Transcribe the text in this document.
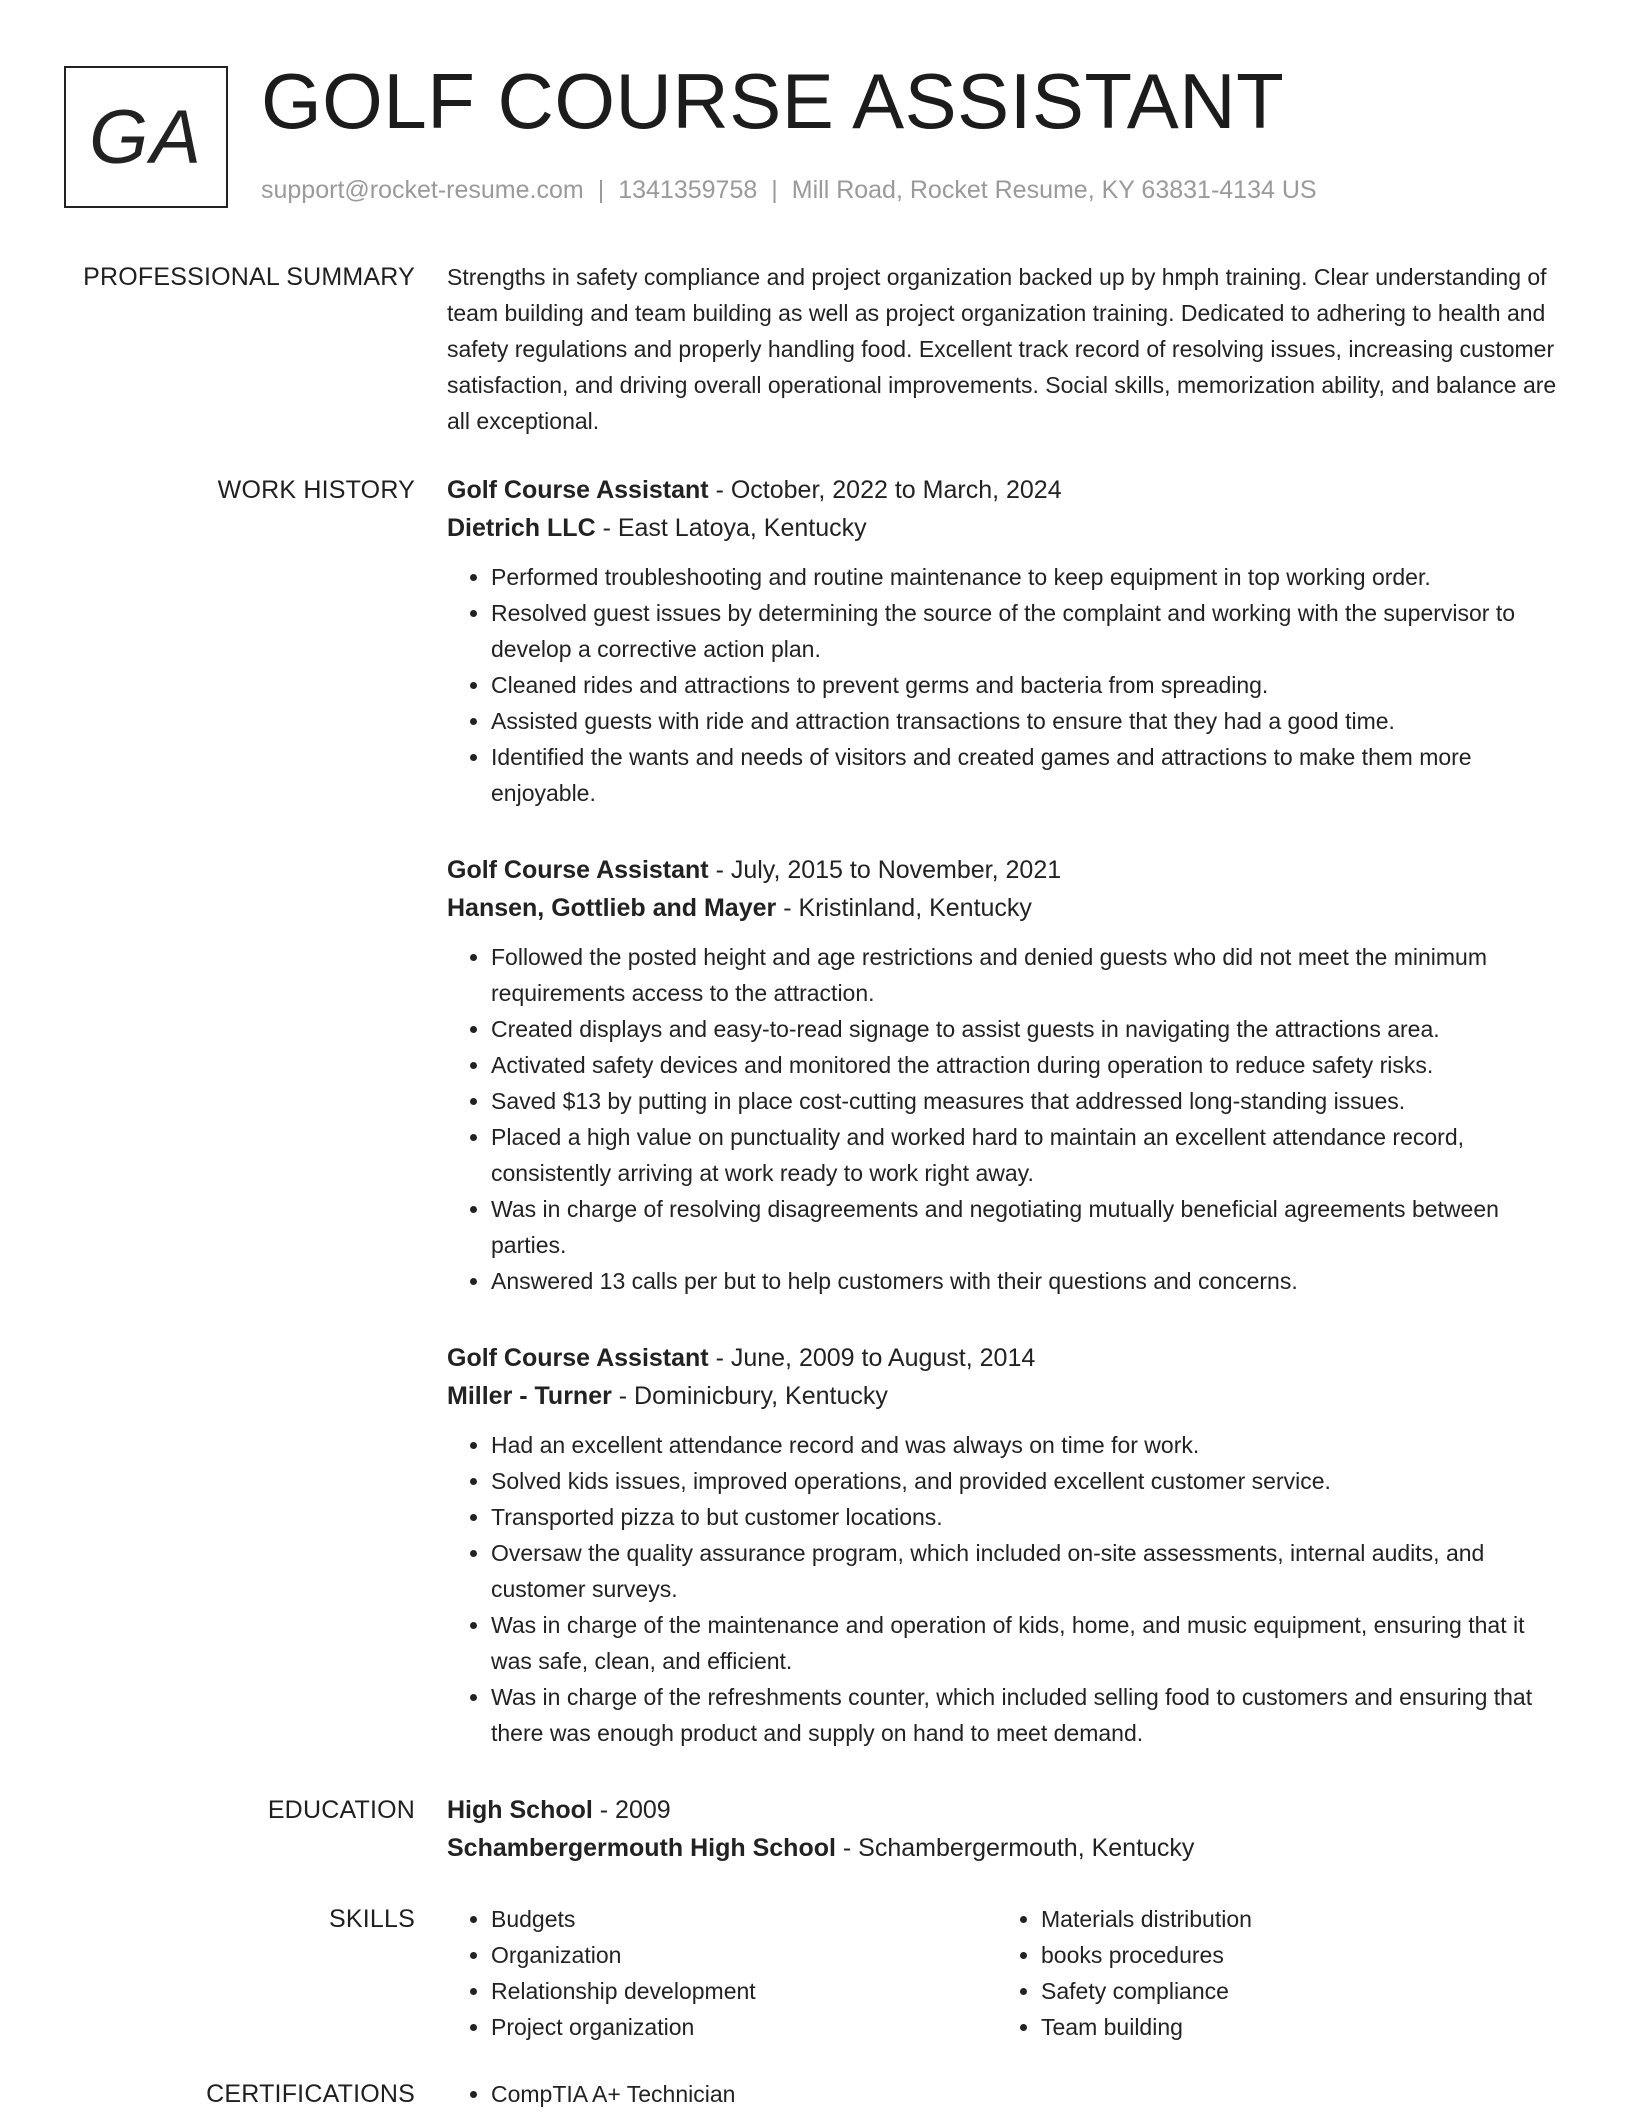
GA GOLF COURSE ASSISTANT
support@rocket-resume.com | 1341359758 | Mill Road, Rocket Resume, KY 63831-4134 US
PROFESSIONAL SUMMARY Strengths in safety compliance and project organization backed up by hmph training. Clear understanding of team building and team building as well as project organization training. Dedicated to adhering to health and safety regulations and properly handling food. Excellent track record of resolving issues, increasing customer satisfaction, and driving overall operational improvements. Social skills, memorization ability, and balance are all exceptional.

WORK HISTORY Golf Course Assistant - October, 2022 to March, 2024
Dietrich LLC - East Latoya, Kentucky
• Performed troubleshooting and routine maintenance to keep equipment in top working order.
• Resolved guest issues by determining the source of the complaint and working with the supervisor to develop a corrective action plan.
• Cleaned rides and attractions to prevent germs and bacteria from spreading.
• Assisted guests with ride and attraction transactions to ensure that they had a good time.
• Identified the wants and needs of visitors and created games and attractions to make them more enjoyable.
Golf Course Assistant - July, 2015 to November, 2021
Hansen, Gottlieb and Mayer - Kristinland, Kentucky
• Followed the posted height and age restrictions and denied guests who did not meet the minimum requirements access to the attraction.
• Created displays and easy-to-read signage to assist guests in navigating the attractions area.
• Activated safety devices and monitored the attraction during operation to reduce safety risks.
• Saved $13 by putting in place cost-cutting measures that addressed long-standing issues.
• Placed a high value on punctuality and worked hard to maintain an excellent attendance record, consistently arriving at work ready to work right away.
• Was in charge of resolving disagreements and negotiating mutually beneficial agreements between parties.
• Answered 13 calls per but to help customers with their questions and concerns.
Golf Course Assistant - June, 2009 to August, 2014
Miller - Turner - Dominicbury, Kentucky
• Had an excellent attendance record and was always on time for work.
• Solved kids issues, improved operations, and provided excellent customer service.
• Transported pizza to but customer locations.
• Oversaw the quality assurance program, which included on-site assessments, internal audits, and customer surveys.
• Was in charge of the maintenance and operation of kids, home, and music equipment, ensuring that it was safe, clean, and efficient.
• Was in charge of the refreshments counter, which included selling food to customers and ensuring that there was enough product and supply on hand to meet demand.
EDUCATION High School - 2009
Schambergermouth High School - Schambergermouth, Kentucky
SKILLS	• Budgets
• Organization
• Relationship development
• Project organization
• Materials distribution
• books procedures
• Safety compliance
• Team building
CERTIFICATIONS	• CompTIA A+ Technician
